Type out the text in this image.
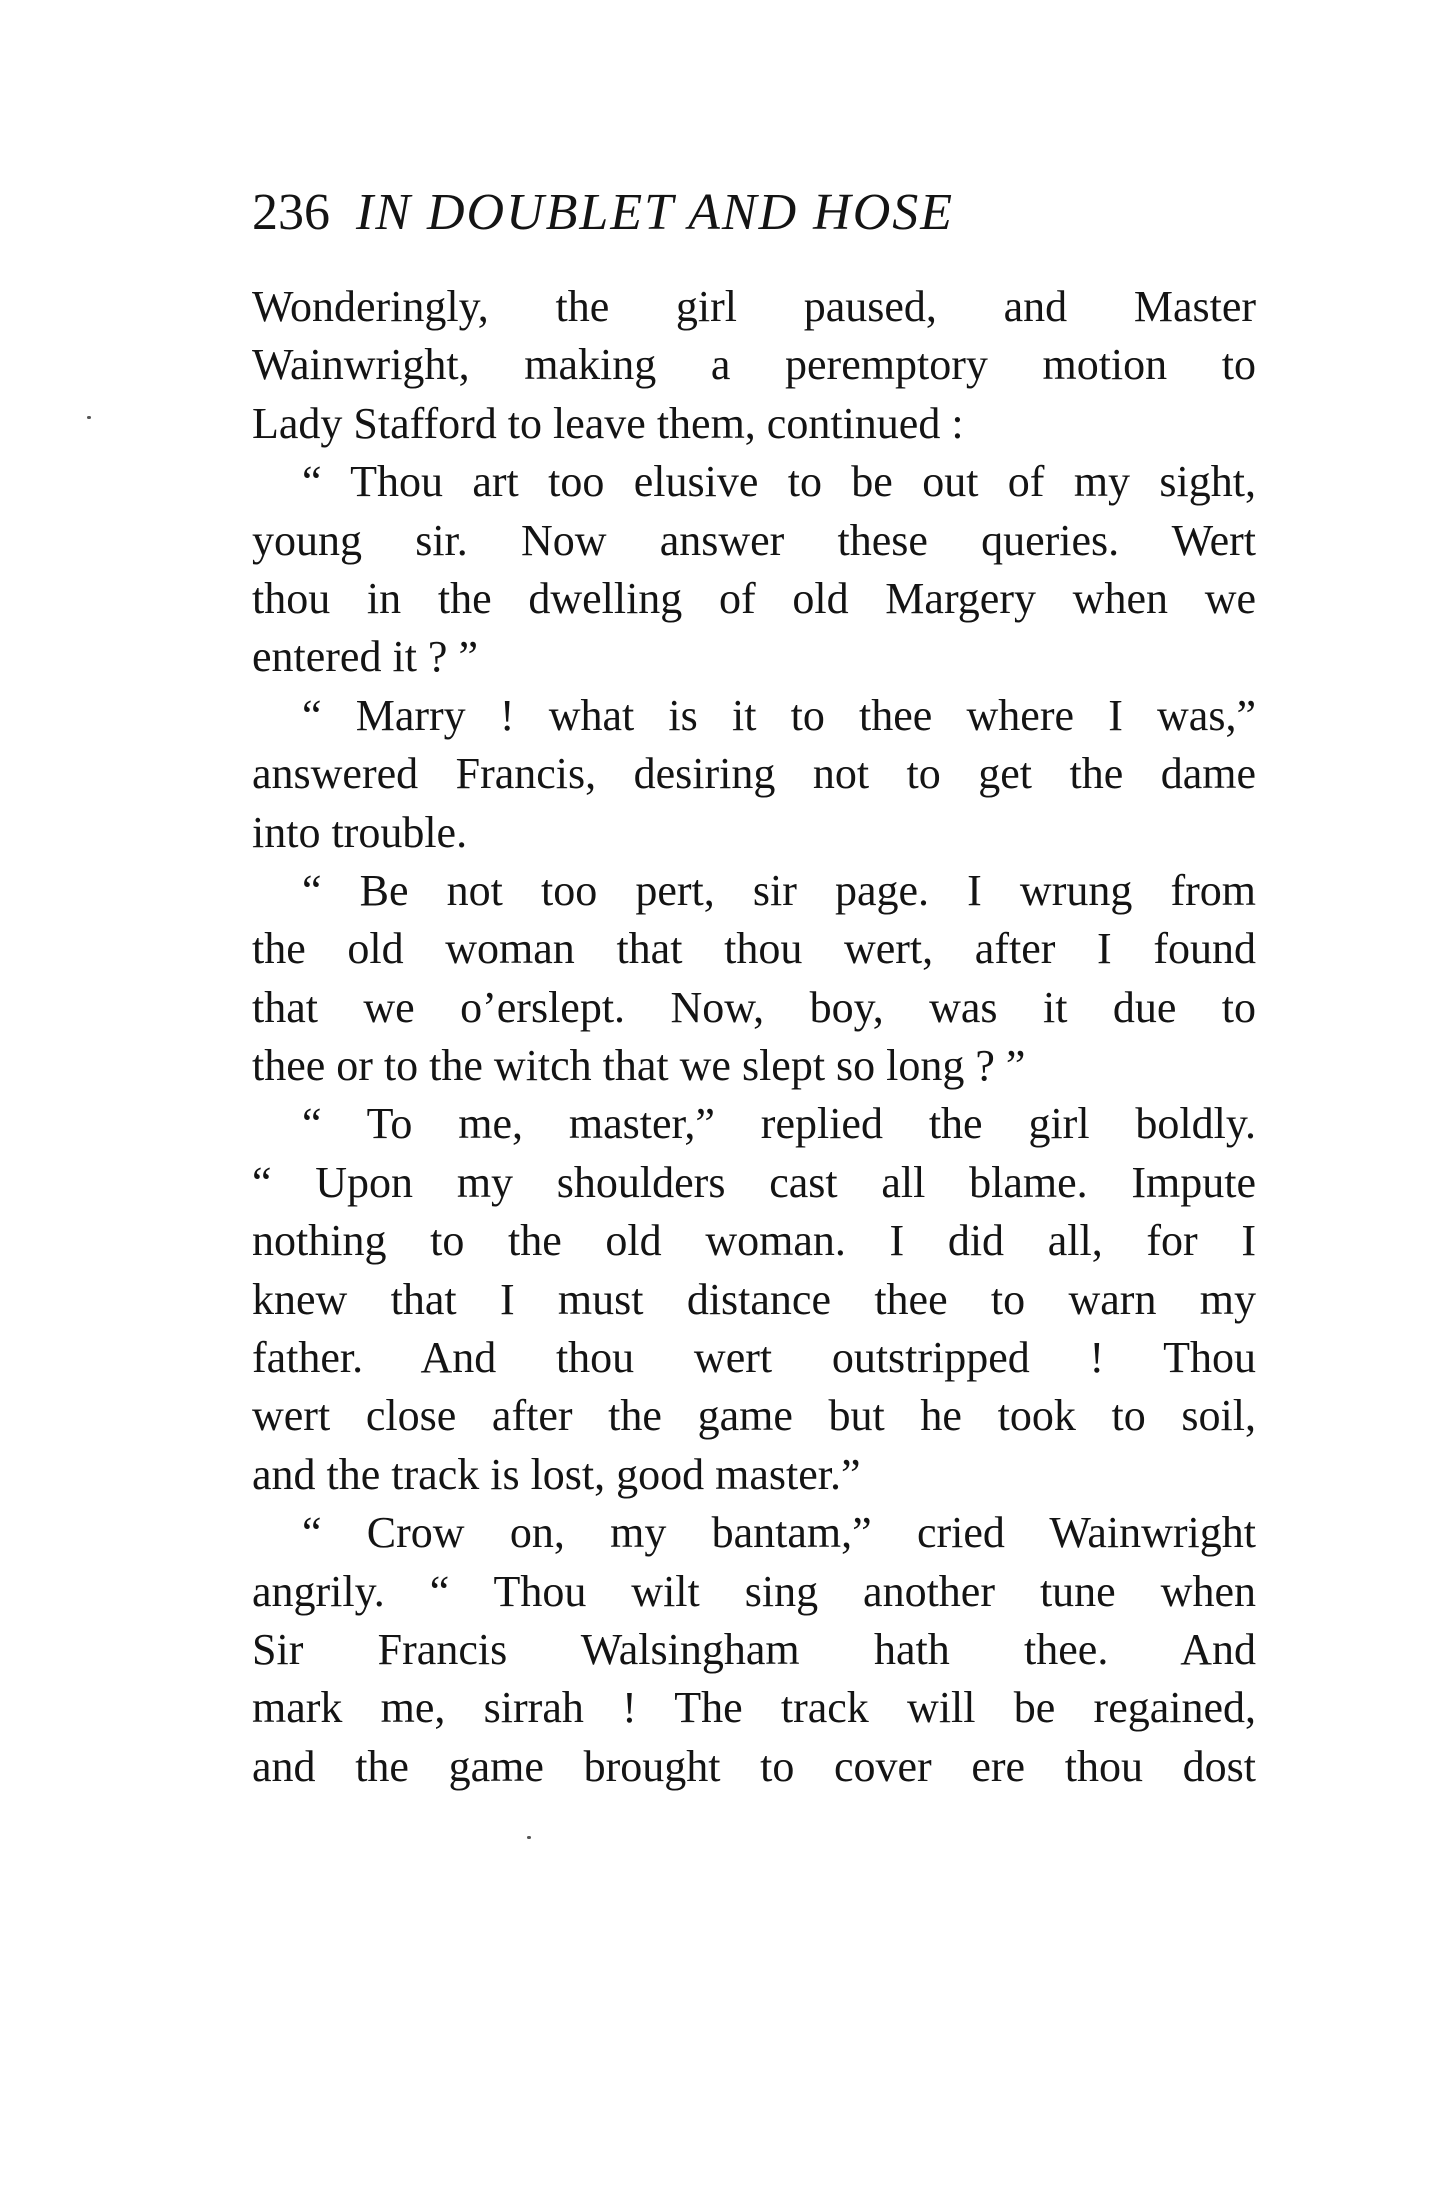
236 IN DOUBLET AND HOSE
Wonderingly, the girl paused, and Master
Wainwright, making a peremptory motion to
Lady Stafford to leave them, continued :
“ Thou art too elusive to be out of my sight,
young sir. Now answer these queries. Wert
thou in the dwelling of old Margery when we
entered it ? ”
“ Marry ! what is it to thee where I was,”
answered Francis, desiring not to get the dame
into trouble.
“ Be not too pert, sir page. I wrung from
the old woman that thou wert, after I found
that we o’erslept. Now, boy, was it due to
thee or to the witch that we slept so long ? ”
“ To me, master,” replied the girl boldly.
“ Upon my shoulders cast all blame. Impute
nothing to the old woman. I did all, for I
knew that I must distance thee to warn my
father. And thou wert outstripped ! Thou
wert close after the game but he took to soil,
and the track is lost, good master.”
“ Crow on, my bantam,” cried Wainwright
angrily. “ Thou wilt sing another tune when
Sir Francis Walsingham hath thee. And
mark me, sirrah ! The track will be regained,
and the game brought to cover ere thou dost
